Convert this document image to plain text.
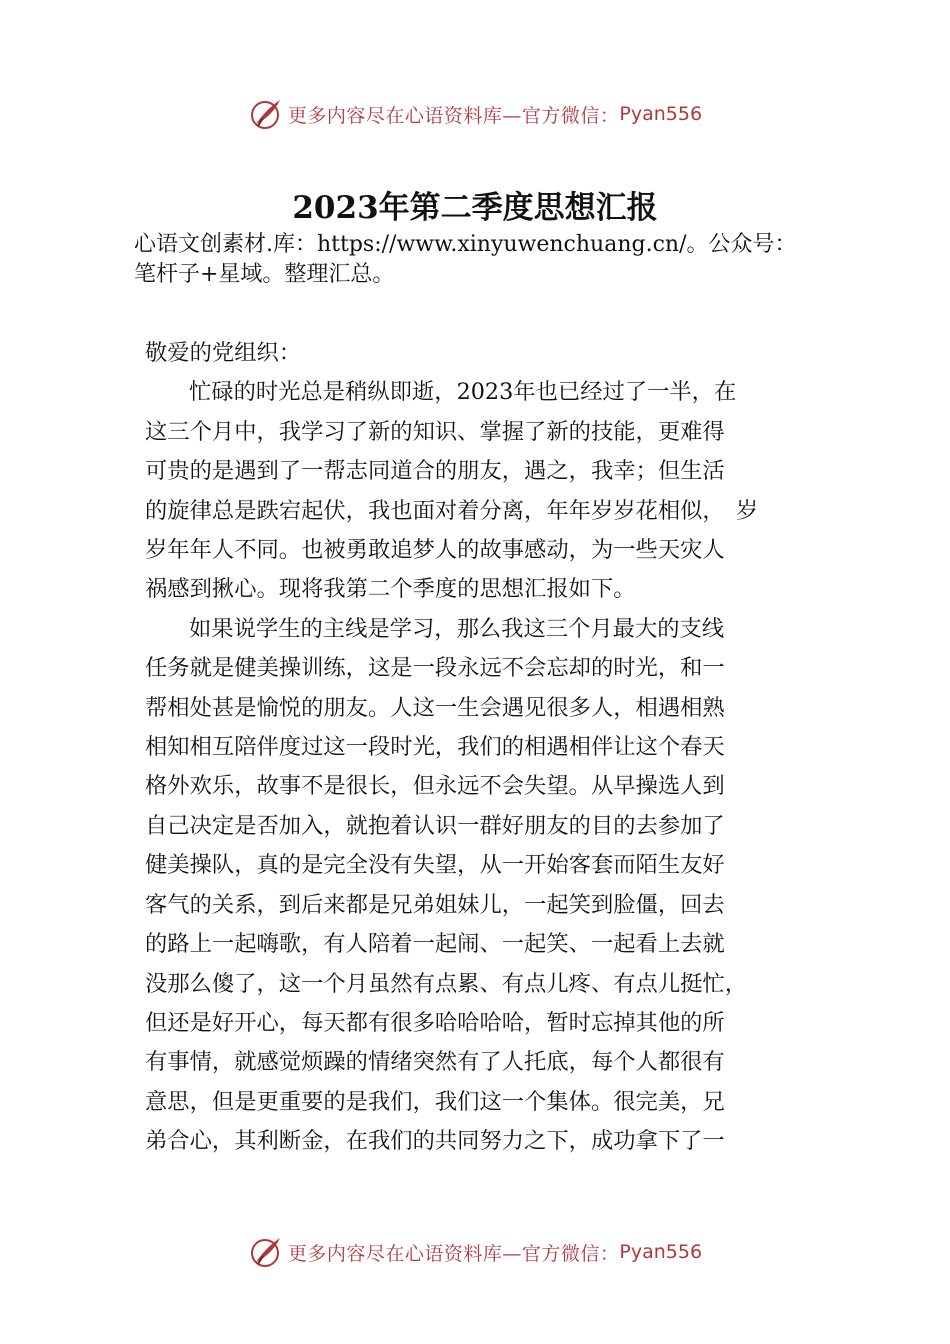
更多内容尽在心语资料库—官方微信： Pyan556
2023年第二季度思想汇报
心语文创素材.库：https://www.xinyuwenchuang.cn/。公众号：
笔杆子+星域。整理汇总。
敬爱的党组织：
忙碌的时光总是稍纵即逝，2023年也已经过了一半，在
这三个月中，我学习了新的知识、掌握了新的技能，更难得
可贵的是遇到了一帮志同道合的朋友，遇之，我幸；但生活
的旋律总是跌宕起伏，我也面对着分离，年年岁岁花相似，　岁
岁年年人不同。也被勇敢追梦人的故事感动，为一些天灾人
祸感到揪心。现将我第二个季度的思想汇报如下。
如果说学生的主线是学习，那么我这三个月最大的支线
任务就是健美操训练，这是一段永远不会忘却的时光，和一
帮相处甚是愉悦的朋友。人这一生会遇见很多人，相遇相熟
相知相互陪伴度过这一段时光，我们的相遇相伴让这个春天
格外欢乐，故事不是很长，但永远不会失望。从早操选人到
自己决定是否加入，就抱着认识一群好朋友的目的去参加了
健美操队，真的是完全没有失望，从一开始客套而陌生友好
客气的关系，到后来都是兄弟姐妹儿，一起笑到脸僵，回去
的路上一起嗨歌，有人陪着一起闹、一起笑、一起看上去就
没那么傻了，这一个月虽然有点累、有点儿疼、有点儿挺忙，
但还是好开心，每天都有很多哈哈哈哈，暂时忘掉其他的所
有事情，就感觉烦躁的情绪突然有了人托底，每个人都很有
意思，但是更重要的是我们，我们这一个集体。很完美，兄
弟合心，其利断金，在我们的共同努力之下，成功拿下了一
更多内容尽在心语资料库—官方微信： Pyan556
